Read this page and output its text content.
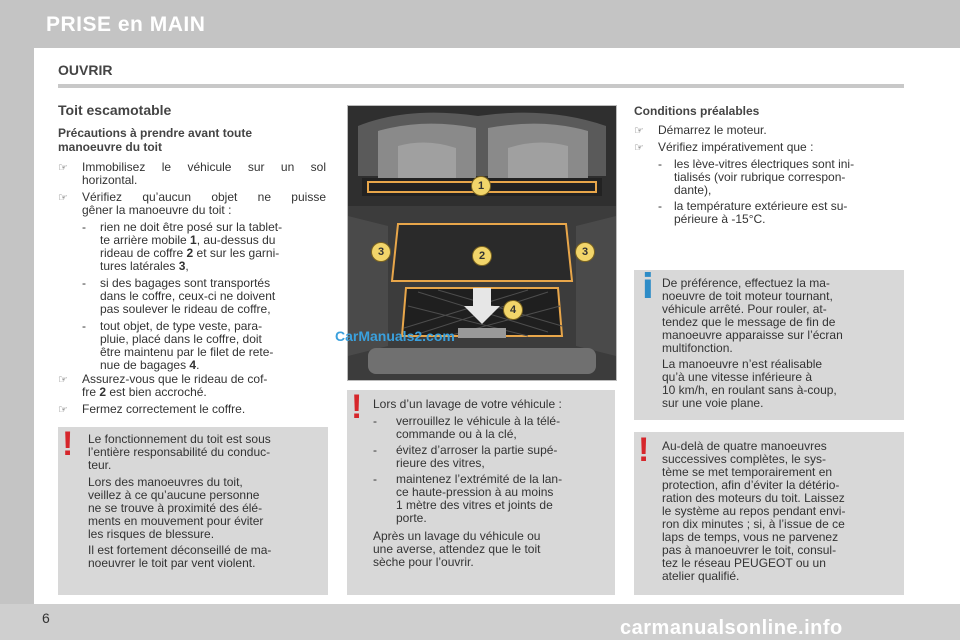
PRISE en MAIN
OUVRIR
Toit escamotable
Précautions à prendre avant toute
manoeuvre du toit
☞ Immobilisez le véhicule sur un sol
horizontal.
☞ Vérifiez qu’aucun objet ne puisse
gêner la manoeuvre du toit :
- rien ne doit être posé sur la tablet-
te arrière mobile 1, au-dessus du
rideau de coffre 2 et sur les garni-
tures latérales 3,
- si des bagages sont transportés
dans le coffre, ceux-ci ne doivent
pas soulever le rideau de coffre,
- tout objet, de type veste, para-
pluie, placé dans le coffre, doit
être maintenu par le filet de rete-
nue de bagages 4.
☞ Assurez-vous que le rideau de cof-
fre 2 est bien accroché.
☞ Fermez correctement le coffre.
! Le fonctionnement du toit est sous
l’entière responsabilité du conduc-
teur.
Lors des manoeuvres du toit,
veillez à ce qu’aucune personne
ne se trouve à proximité des élé-
ments en mouvement pour éviter
les risques de blessure.
Il est fortement déconseillé de ma-
noeuvrer le toit par vent violent.
1
2
3	3
4
CarManuals2.com
! Lors d’un lavage de votre véhicule :
- verrouillez le véhicule à la télé-
commande ou à la clé,
- évitez d’arroser la partie supé-
rieure des vitres,
- maintenez l’extrémité de la lan-
ce haute-pression à au moins
1 mètre des vitres et joints de
porte.
Après un lavage du véhicule ou
une averse, attendez que le toit
sèche pour l’ouvrir.
Conditions préalables
☞ Démarrez le moteur.
☞ Vérifiez impérativement que :
- les lève-vitres électriques sont ini-
tialisés (voir rubrique correspon-
dante),
- la température extérieure est su-
périeure à -15°C.
i De préférence, effectuez la ma-
noeuvre de toit moteur tournant,
véhicule arrêté. Pour rouler, at-
tendez que le message de fin de
manoeuvre apparaisse sur l’écran
multifonction.
La manoeuvre n’est réalisable
qu’à une vitesse inférieure à
10 km/h, en roulant sans à-coup,
sur une voie plane.
! Au-delà de quatre manoeuvres
successives complètes, le sys-
tème se met temporairement en
protection, afin d’éviter la détério-
ration des moteurs du toit. Laissez
le système au repos pendant envi-
ron dix minutes ; si, à l’issue de ce
laps de temps, vous ne parvenez
pas à manoeuvrer le toit, consul-
tez le réseau PEUGEOT ou un
atelier qualifié.
6	carmanualsonline.info
